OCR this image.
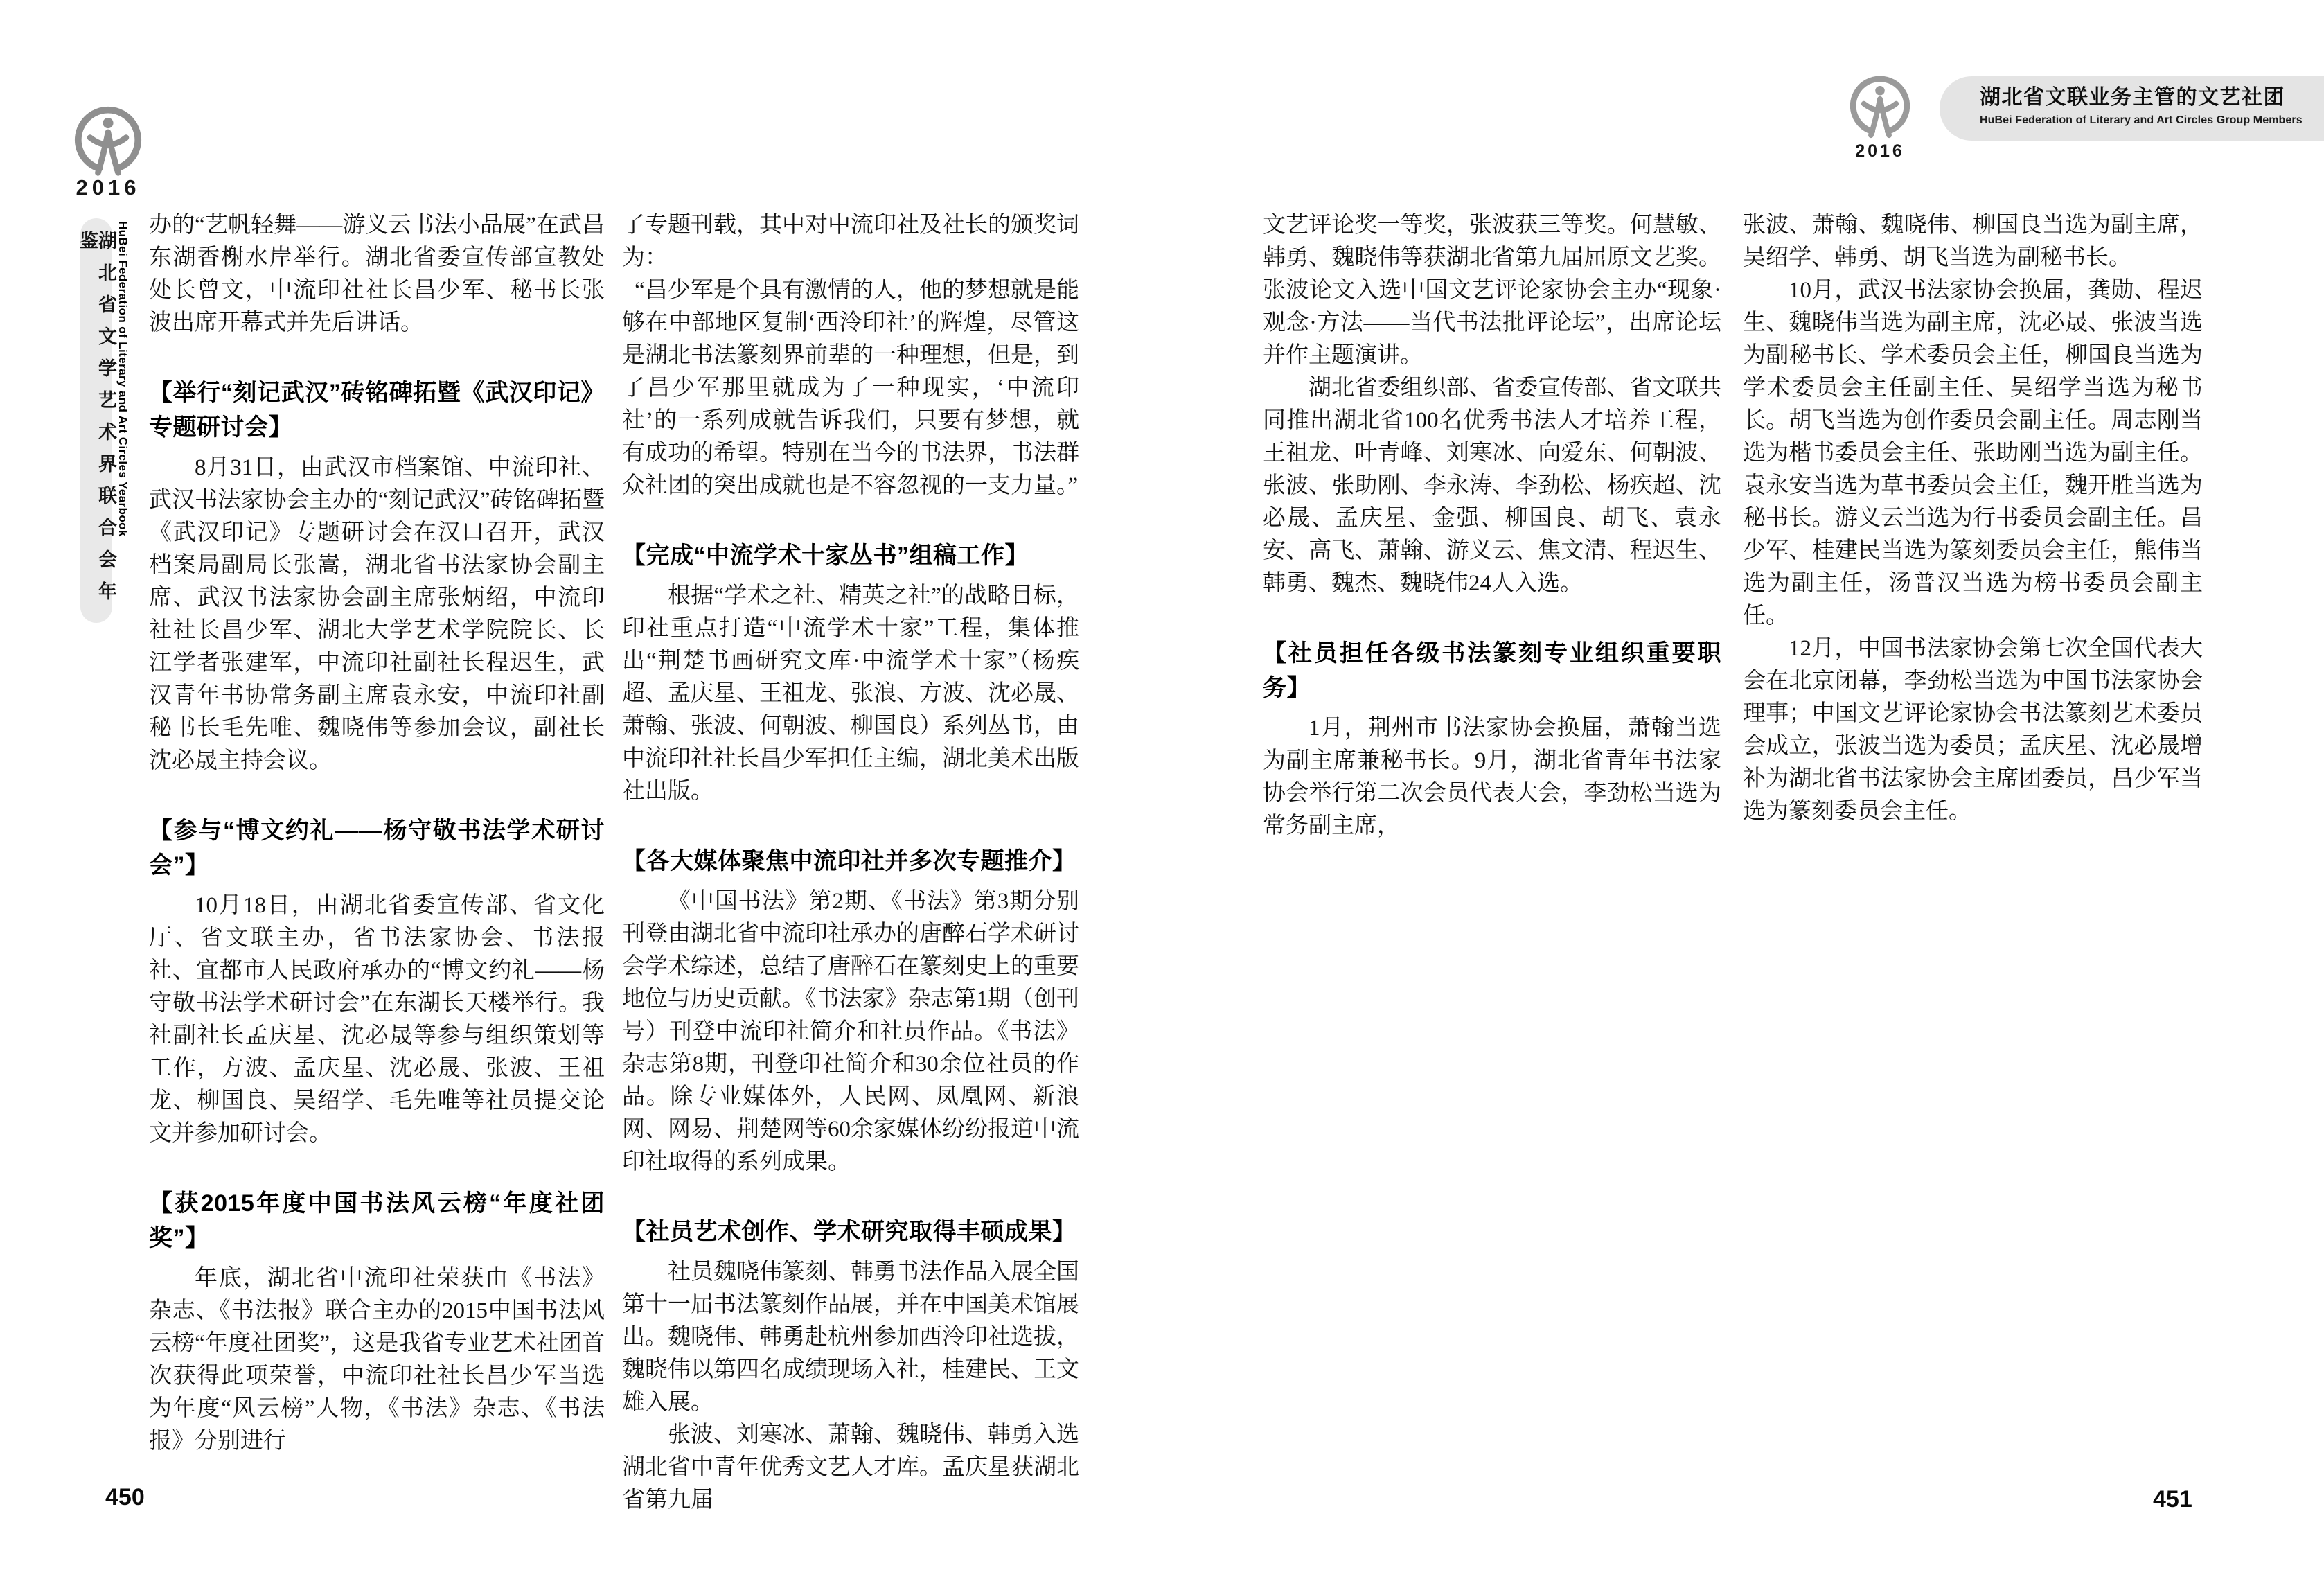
2016
湖北省文学艺术界联合会年鉴	HuBei Federation of Literary and Art Circles Yearbook
2016
湖北省文联业务主管的文艺社团
HuBei Federation of Literary and Art Circles Group Members
办的“艺帆轻舞——游义云书法小品展”在武昌东湖香榭水岸举行。湖北省委宣传部宣教处处长曾文，中流印社社长昌少军、秘书长张波出席开幕式并先后讲话。
【举行“刻记武汉”砖铭碑拓暨《武汉印记》专题研讨会】
8月31日，由武汉市档案馆、中流印社、武汉书法家协会主办的“刻记武汉”砖铭碑拓暨《武汉印记》专题研讨会在汉口召开，武汉档案局副局长张嵩，湖北省书法家协会副主席、武汉书法家协会副主席张炳绍，中流印社社长昌少军、湖北大学艺术学院院长、长江学者张建军，中流印社副社长程迟生，武汉青年书协常务副主席袁永安，中流印社副秘书长毛先唯、魏晓伟等参加会议，副社长沈必晟主持会议。
【参与“博文约礼——杨守敬书法学术研讨会”】
10月18日，由湖北省委宣传部、省文化厅、省文联主办，省书法家协会、书法报社、宜都市人民政府承办的“博文约礼——杨守敬书法学术研讨会”在东湖长天楼举行。我社副社长孟庆星、沈必晟等参与组织策划等工作，方波、孟庆星、沈必晟、张波、王祖龙、柳国良、吴绍学、毛先唯等社员提交论文并参加研讨会。
【获2015年度中国书法风云榜“年度社团奖”】
年底，湖北省中流印社荣获由《书法》杂志、《书法报》联合主办的2015中国书法风云榜“年度社团奖”，这是我省专业艺术社团首次获得此项荣誉，中流印社社长昌少军当选为年度“风云榜”人物，《书法》杂志、《书法报》分别进行
了专题刊载，其中对中流印社及社长的颁奖词为：
“昌少军是个具有激情的人，他的梦想就是能够在中部地区复制‘西泠印社’的辉煌，尽管这是湖北书法篆刻界前辈的一种理想，但是，到了昌少军那里就成为了一种现实，‘中流印社’的一系列成就告诉我们，只要有梦想，就有成功的希望。特别在当今的书法界，书法群众社团的突出成就也是不容忽视的一支力量。”
【完成“中流学术十家丛书”组稿工作】
根据“学术之社、精英之社”的战略目标，印社重点打造“中流学术十家”工程，集体推出“荆楚书画研究文库·中流学术十家”（杨疾超、孟庆星、王祖龙、张浪、方波、沈必晟、萧翰、张波、何朝波、柳国良）系列丛书，由中流印社社长昌少军担任主编，湖北美术出版社出版。
【各大媒体聚焦中流印社并多次专题推介】
《中国书法》第2期、《书法》第3期分别刊登由湖北省中流印社承办的唐醉石学术研讨会学术综述，总结了唐醉石在篆刻史上的重要地位与历史贡献。《书法家》杂志第1期（创刊号）刊登中流印社简介和社员作品。《书法》杂志第8期，刊登印社简介和30余位社员的作品。除专业媒体外，人民网、凤凰网、新浪网、网易、荆楚网等60余家媒体纷纷报道中流印社取得的系列成果。
【社员艺术创作、学术研究取得丰硕成果】
社员魏晓伟篆刻、韩勇书法作品入展全国第十一届书法篆刻作品展，并在中国美术馆展出。魏晓伟、韩勇赴杭州参加西泠印社选拔，魏晓伟以第四名成绩现场入社，桂建民、王文雄入展。
张波、刘寒冰、萧翰、魏晓伟、韩勇入选湖北省中青年优秀文艺人才库。孟庆星获湖北省第九届
文艺评论奖一等奖，张波获三等奖。何慧敏、韩勇、魏晓伟等获湖北省第九届屈原文艺奖。张波论文入选中国文艺评论家协会主办“现象·观念·方法——当代书法批评论坛”，出席论坛并作主题演讲。
湖北省委组织部、省委宣传部、省文联共同推出湖北省100名优秀书法人才培养工程，王祖龙、叶青峰、刘寒冰、向爱东、何朝波、张波、张助刚、李永涛、李劲松、杨疾超、沈必晟、孟庆星、金强、柳国良、胡飞、袁永安、高飞、萧翰、游义云、焦文清、程迟生、韩勇、魏杰、魏晓伟24人入选。
【社员担任各级书法篆刻专业组织重要职务】
1月，荆州市书法家协会换届，萧翰当选为副主席兼秘书长。9月，湖北省青年书法家协会举行第二次会员代表大会，李劲松当选为常务副主席，
张波、萧翰、魏晓伟、柳国良当选为副主席，吴绍学、韩勇、胡飞当选为副秘书长。
10月，武汉书法家协会换届，龚勋、程迟生、魏晓伟当选为副主席，沈必晟、张波当选为副秘书长、学术委员会主任，柳国良当选为学术委员会主任副主任、吴绍学当选为秘书长。胡飞当选为创作委员会副主任。周志刚当选为楷书委员会主任、张助刚当选为副主任。袁永安当选为草书委员会主任，魏开胜当选为秘书长。游义云当选为行书委员会副主任。昌少军、桂建民当选为篆刻委员会主任，熊伟当选为副主任，汤普汉当选为榜书委员会副主任。
12月，中国书法家协会第七次全国代表大会在北京闭幕，李劲松当选为中国书法家协会理事；中国文艺评论家协会书法篆刻艺术委员会成立，张波当选为委员；孟庆星、沈必晟增补为湖北省书法家协会主席团委员，昌少军当选为篆刻委员会主任。
450	451
